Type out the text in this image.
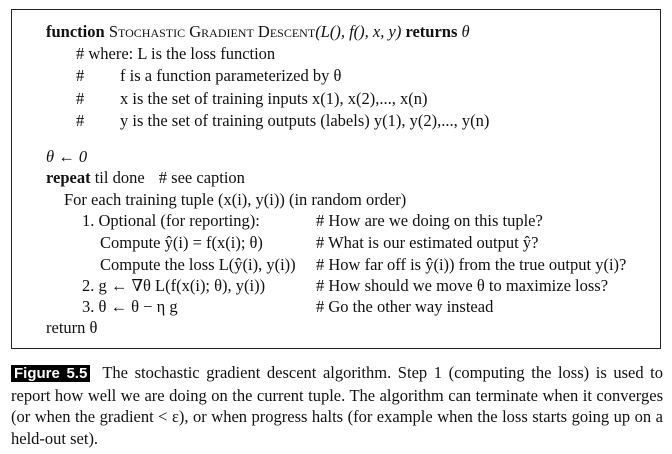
function Stochastic Gradient Descent(L(), f(), x, y) returns θ
# where: L is the loss function
# f is a function parameterized by θ
# x is the set of training inputs x(1), x(2),..., x(n)
# y is the set of training outputs (labels) y(1), y(2),..., y(n)
θ ← 0
repeat til done # see caption
For each training tuple (x(i), y(i)) (in random order)
1. Optional (for reporting):
Compute ŷ(i) = f(x(i); θ)
Compute the loss L(ŷ(i), y(i))
2. g ← ∇θ L(f(x(i); θ), y(i))
3. θ ← θ − η g
# How are we doing on this tuple?
# What is our estimated output ŷ?
# How far off is ŷ(i)) from the true output y(i)?
# How should we move θ to maximize loss?
# Go the other way instead
return θ
Figure 5.5 The stochastic gradient descent algorithm. Step 1 (computing the loss) is used to report how well we are doing on the current tuple. The algorithm can terminate when it converges (or when the gradient < ε), or when progress halts (for example when the loss starts going up on a held-out set).
